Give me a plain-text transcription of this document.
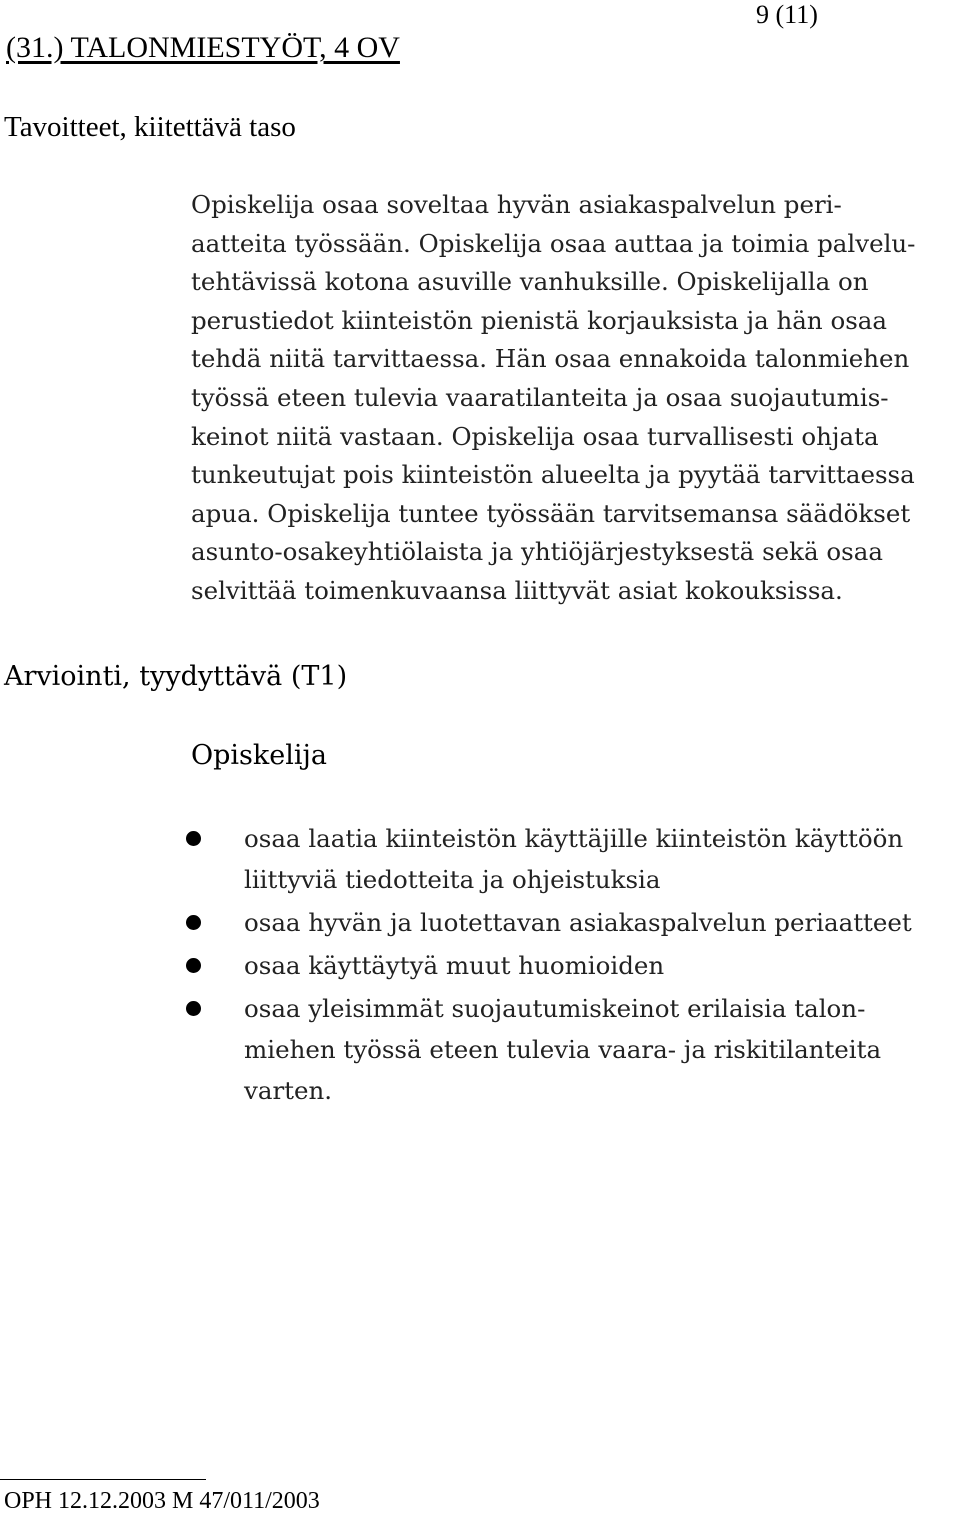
9 (11)
(31.) TALONMIESTYÖT, 4 OV
Tavoitteet, kiitettävä taso

Opiskelija osaa soveltaa hyvän asiakaspalvelun peri-
aatteita työssään. Opiskelija osaa auttaa ja toimia palvelu-
tehtävissä kotona asuville vanhuksille. Opiskelijalla on
perustiedot kiinteistön pienistä korjauksista ja hän osaa
tehdä niitä tarvittaessa. Hän osaa ennakoida talonmiehen
työssä eteen tulevia vaaratilanteita ja osaa suojautumis-
keinot niitä vastaan. Opiskelija osaa turvallisesti ohjata
tunkeutujat pois kiinteistön alueelta ja pyytää tarvittaessa
apua. Opiskelija tuntee työssään tarvitsemansa säädökset
asunto-osakeyhtiölaista ja yhtiöjärjestyksestä sekä osaa
selvittää toimenkuvaansa liittyvät asiat kokouksissa.

Arviointi, tyydyttävä (T1)
Opiskelija
osaa laatia kiinteistön käyttäjille kiinteistön käyttöön
liittyviä tiedotteita ja ohjeistuksia
osaa hyvän ja luotettavan asiakaspalvelun periaatteet
osaa käyttäytyä muut huomioiden
osaa yleisimmät suojautumiskeinot erilaisia talon-
miehen työssä eteen tulevia vaara- ja riskitilanteita
varten.
OPH 12.12.2003 M 47/011/2003
